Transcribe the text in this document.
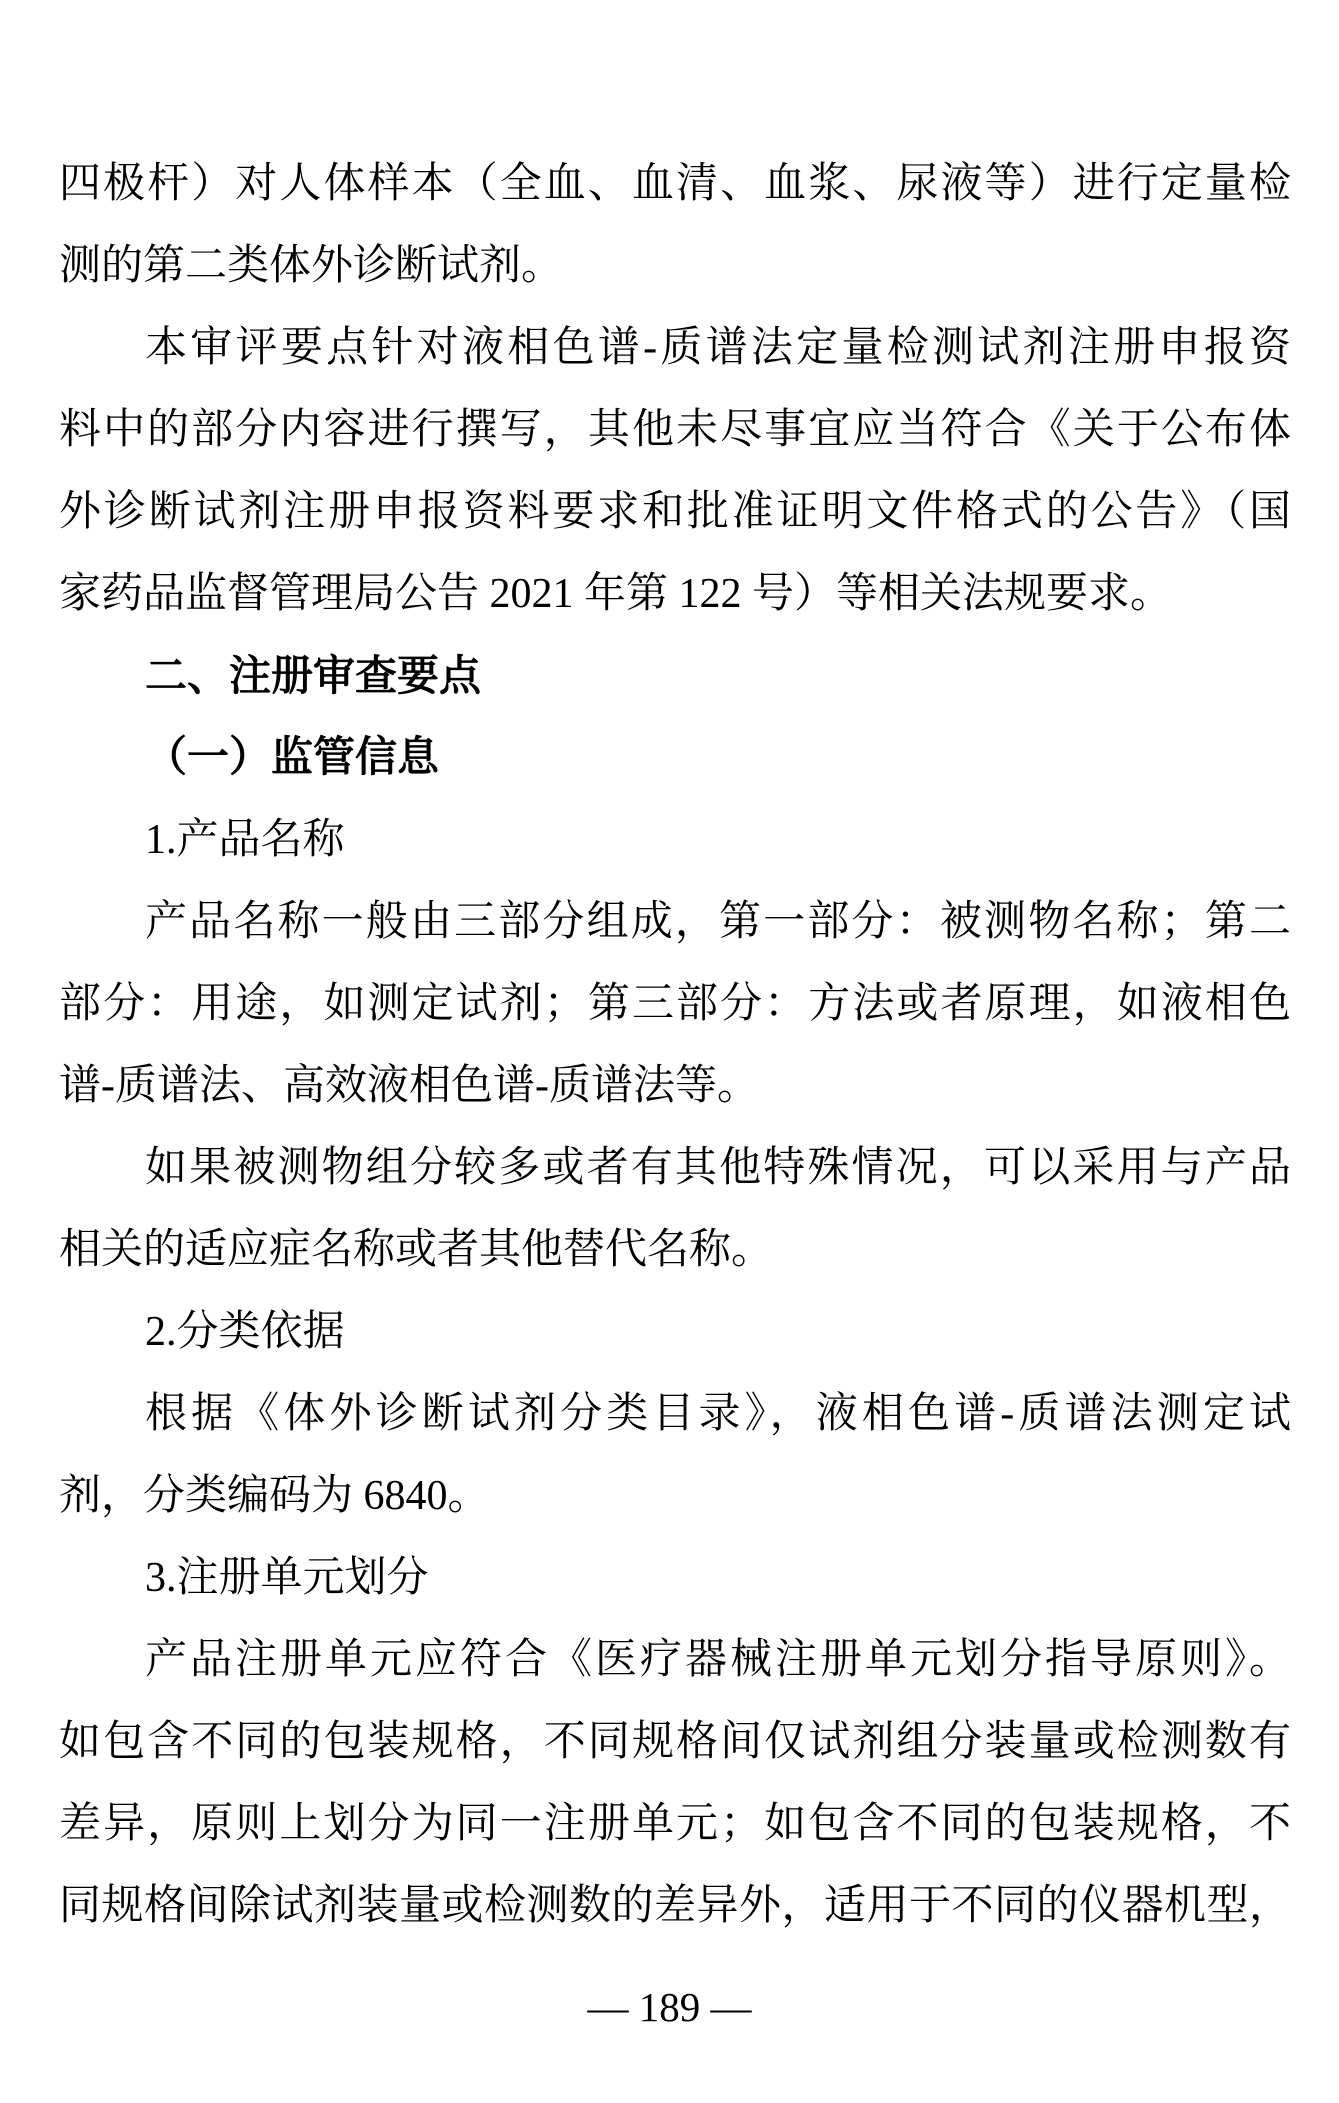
四极杆）对人体样本（全血、血清、血浆、尿液等）进行定量检
测的第二类体外诊断试剂。
本审评要点针对液相色谱-质谱法定量检测试剂注册申报资
料中的部分内容进行撰写，其他未尽事宜应当符合《关于公布体
外诊断试剂注册申报资料要求和批准证明文件格式的公告》（国
家药品监督管理局公告 2021 年第 122 号）等相关法规要求。
二、注册审查要点
（一）监管信息
1.产品名称
产品名称一般由三部分组成，第一部分：被测物名称；第二
部分：用途，如测定试剂；第三部分：方法或者原理，如液相色
谱-质谱法、高效液相色谱-质谱法等。
如果被测物组分较多或者有其他特殊情况，可以采用与产品
相关的适应症名称或者其他替代名称。
2.分类依据
根据《体外诊断试剂分类目录》，液相色谱-质谱法测定试
剂，分类编码为 6840。
3.注册单元划分
产品注册单元应符合《医疗器械注册单元划分指导原则》。
如包含不同的包装规格，不同规格间仅试剂组分装量或检测数有
差异，原则上划分为同一注册单元；如包含不同的包装规格，不
同规格间除试剂装量或检测数的差异外，适用于不同的仪器机型，
— 189 —
